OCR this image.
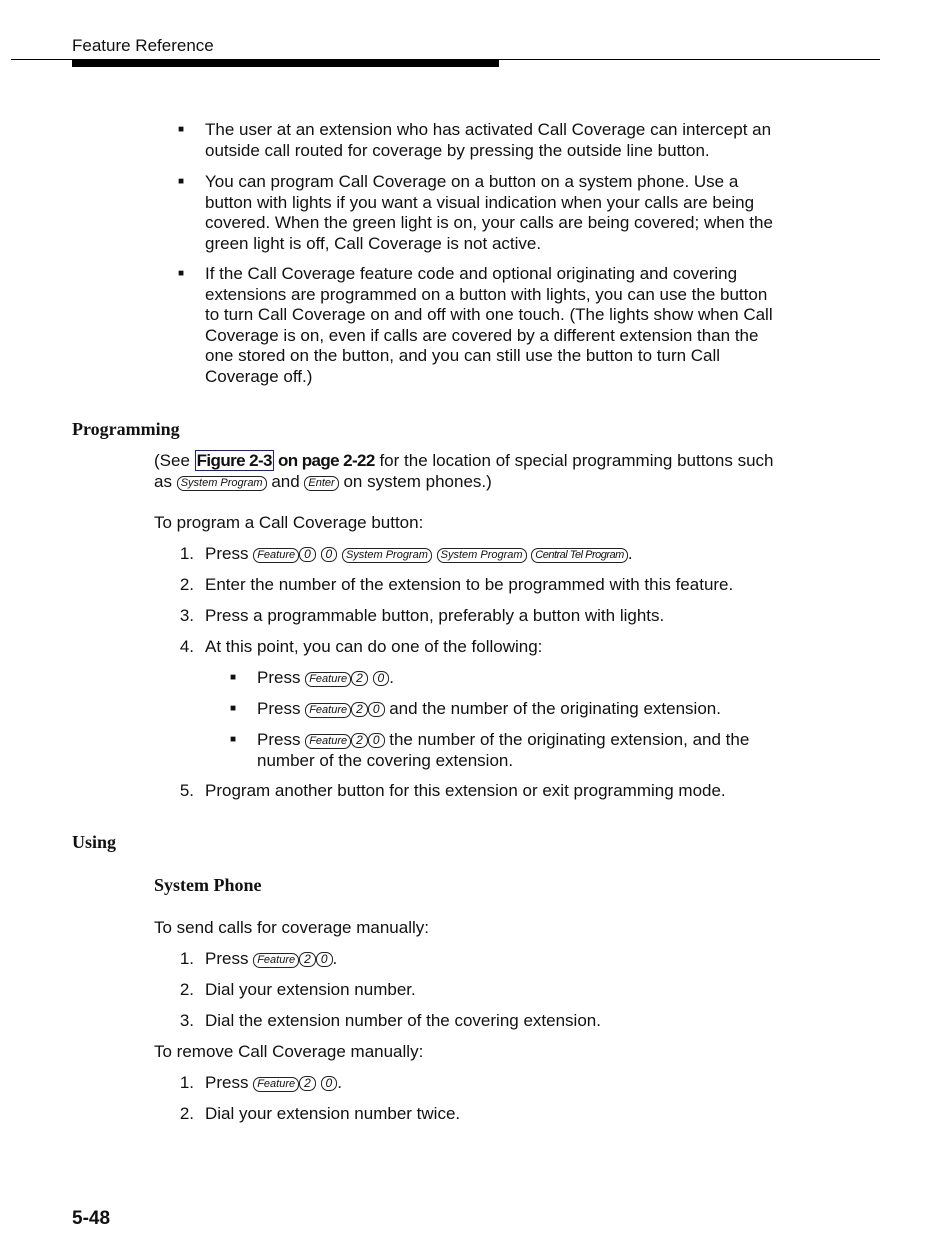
Feature Reference
■ The user at an extension who has activated Call Coverage can intercept an outside call routed for coverage by pressing the outside line button.
■ You can program Call Coverage on a button on a system phone. Use a button with lights if you want a visual indication when your calls are being covered. When the green light is on, your calls are being covered; when the green light is off, Call Coverage is not active.
■ If the Call Coverage feature code and optional originating and covering extensions are programmed on a button with lights, you can use the button to turn Call Coverage on and off with one touch. (The lights show when Call Coverage is on, even if calls are covered by a different extension than the one stored on the button, and you can still use the button to turn Call Coverage off.)
Programming
(See Figure 2-3 on page 2-22 for the location of special programming buttons such as System Program and Enter on system phones.)
To program a Call Coverage button:
1. Press Feature 0 0 System Program System Program Central Tel Program .
2. Enter the number of the extension to be programmed with this feature.
3. Press a programmable button, preferably a button with lights.
4. At this point, you can do one of the following:
■ Press Feature 2 0 .
■ Press Feature 2 0 and the number of the originating extension.
■ Press Feature 2 0 the number of the originating extension, and the number of the covering extension.
5. Program another button for this extension or exit programming mode.
Using
System Phone
To send calls for coverage manually:
1. Press Feature 2 0 .
2. Dial your extension number.
3. Dial the extension number of the covering extension.
To remove Call Coverage manually:
1. Press Feature 2 0 .
2. Dial your extension number twice.
5-48
